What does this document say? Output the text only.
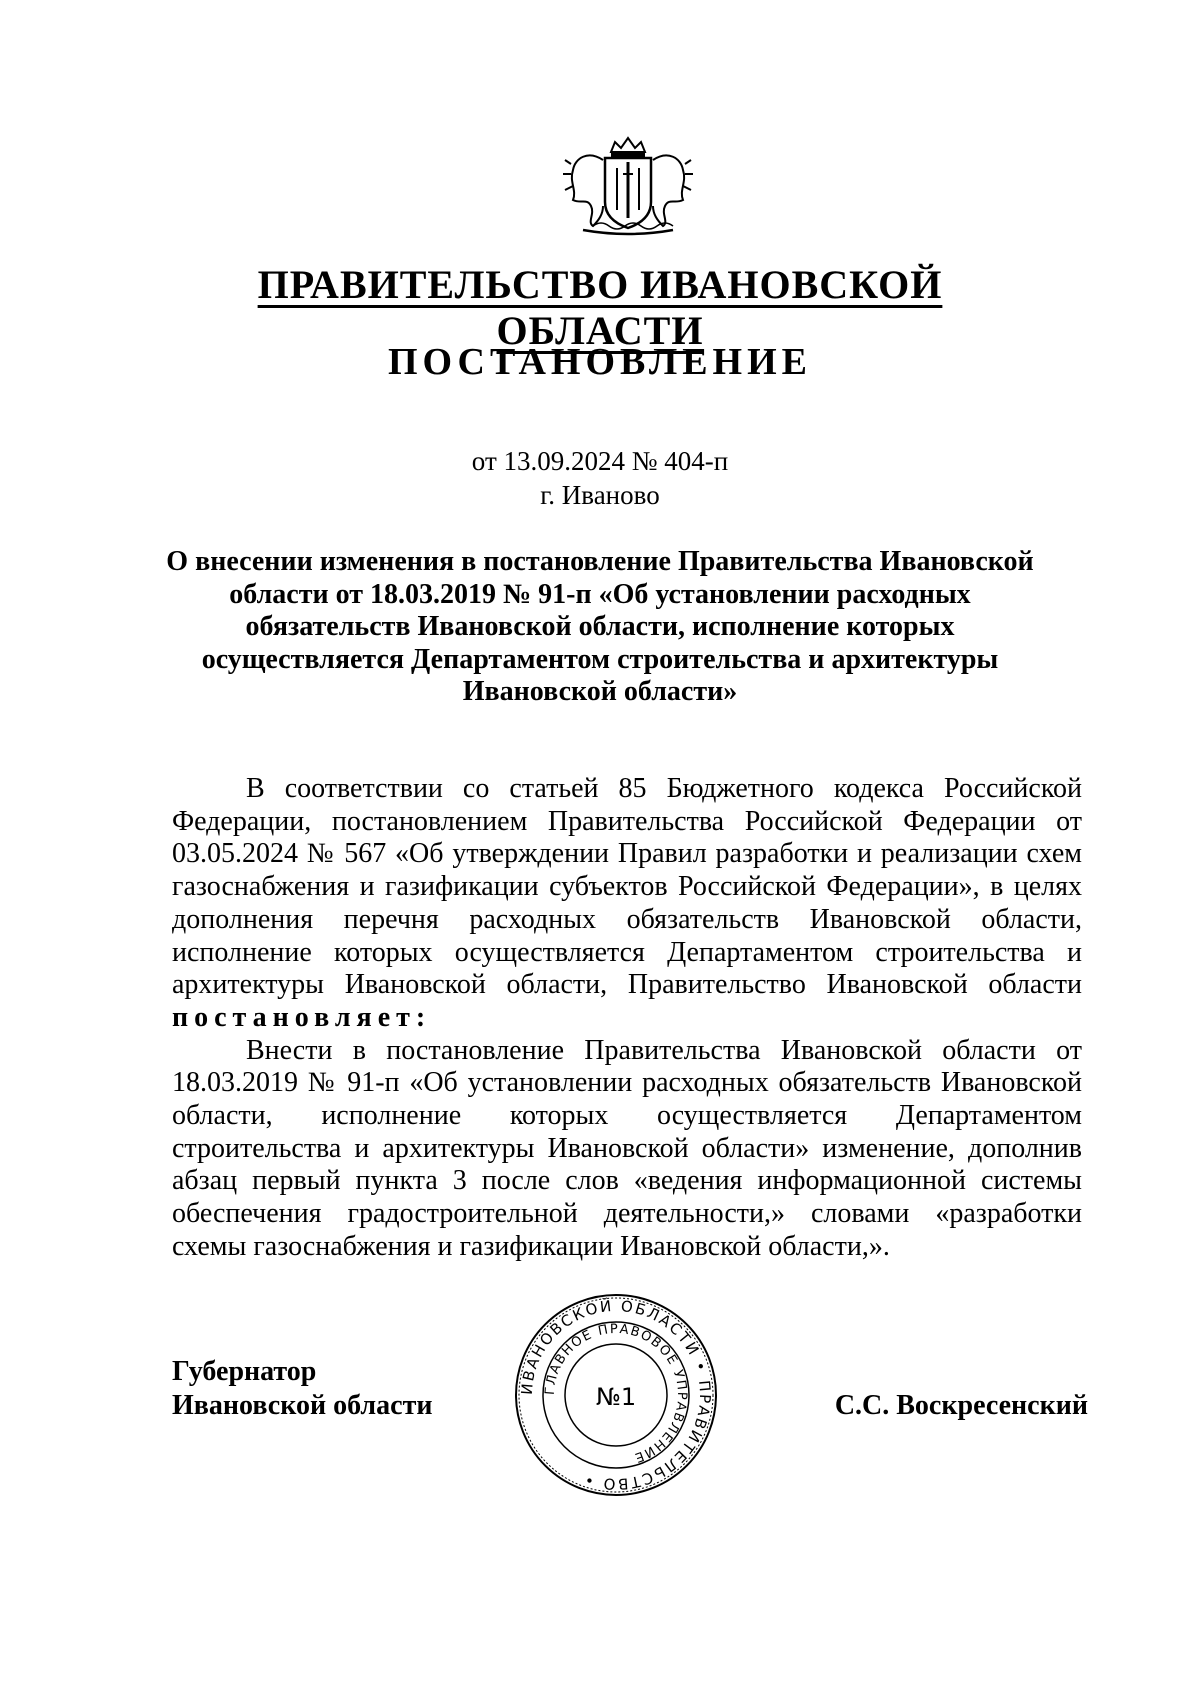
ПРАВИТЕЛЬСТВО ИВАНОВСКОЙ ОБЛАСТИ
ПОСТАНОВЛЕНИЕ
от 13.09.2024 № 404-п
г. Иваново
О внесении изменения в постановление Правительства Ивановской области от 18.03.2019 № 91-п «Об установлении расходных обязательств Ивановской области, исполнение которых осуществляется Департаментом строительства и архитектуры Ивановской области»

В соответствии со статьей 85 Бюджетного кодекса Российской Федерации, постановлением Правительства Российской Федерации от 03.05.2024 № 567 «Об утверждении Правил разработки и реализации схем газоснабжения и газификации субъектов Российской Федерации», в целях дополнения перечня расходных обязательств Ивановской области, исполнение которых осуществляется Департаментом строительства и архитектуры Ивановской области, Правительство Ивановской области постановляет:

Внести в постановление Правительства Ивановской области от 18.03.2019 № 91-п «Об установлении расходных обязательств Ивановской области, исполнение которых осуществляется Департаментом строительства и архитектуры Ивановской области» изменение, дополнив абзац первый пункта 3 после слов «ведения информационной системы обеспечения градостроительной деятельности,» словами «разработки схемы газоснабжения и газификации Ивановской области,».

Губернатор
Ивановской области
ИВАНОВСКОЙ ОБЛАСТИ • ПРАВИТЕЛЬСТВО •
ГЛАВНОЕ ПРАВОВОЕ УПРАВЛЕНИЕ
№1	С.С. Воскресенский
